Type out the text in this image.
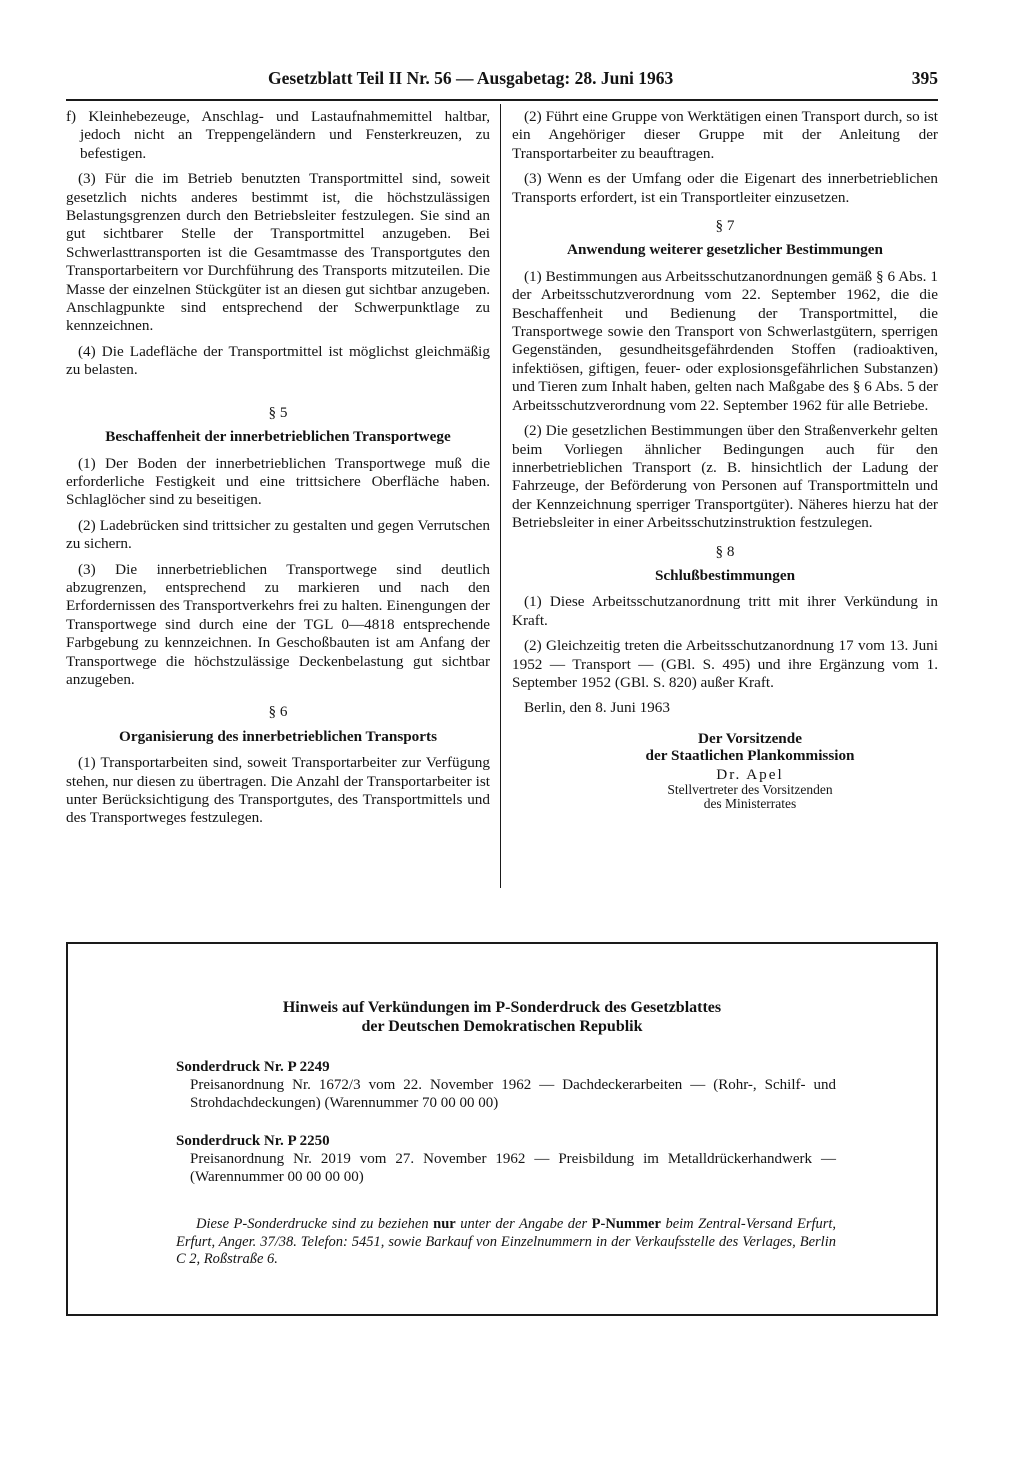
Gesetzblatt Teil II Nr. 56 — Ausgabetag: 28. Juni 1963	395

f) Kleinhebezeuge, Anschlag- und Lastaufnahmemittel haltbar, jedoch nicht an Treppengeländern und Fensterkreuzen, zu befestigen.

(3) Für die im Betrieb benutzten Transportmittel sind, soweit gesetzlich nichts anderes bestimmt ist, die höchstzulässigen Belastungsgrenzen durch den Betriebsleiter festzulegen. Sie sind an gut sichtbarer Stelle der Transportmittel anzugeben. Bei Schwerlasttransporten ist die Gesamtmasse des Transportgutes den Transportarbeitern vor Durchführung des Transports mitzuteilen. Die Masse der einzelnen Stückgüter ist an diesen gut sichtbar anzugeben. Anschlagpunkte sind entsprechend der Schwerpunktlage zu kennzeichnen.

(4) Die Ladefläche der Transportmittel ist möglichst gleichmäßig zu belasten.

§ 5

Beschaffenheit der innerbetrieblichen Transportwege

(1) Der Boden der innerbetrieblichen Transportwege muß die erforderliche Festigkeit und eine trittsichere Oberfläche haben. Schlaglöcher sind zu beseitigen.

(2) Ladebrücken sind trittsicher zu gestalten und gegen Verrutschen zu sichern.

(3) Die innerbetrieblichen Transportwege sind deutlich abzugrenzen, entsprechend zu markieren und nach den Erfordernissen des Transportverkehrs frei zu halten. Einengungen der Transportwege sind durch eine der TGL 0—4818 entsprechende Farbgebung zu kennzeichnen. In Geschoßbauten ist am Anfang der Transportwege die höchstzulässige Deckenbelastung gut sichtbar anzugeben.

§ 6

Organisierung des innerbetrieblichen Transports

(1) Transportarbeiten sind, soweit Transportarbeiter zur Verfügung stehen, nur diesen zu übertragen. Die Anzahl der Transportarbeiter ist unter Berücksichtigung des Transportgutes, des Transportmittels und des Transportweges festzulegen.

(2) Führt eine Gruppe von Werktätigen einen Transport durch, so ist ein Angehöriger dieser Gruppe mit der Anleitung der Transportarbeiter zu beauftragen.

(3) Wenn es der Umfang oder die Eigenart des innerbetrieblichen Transports erfordert, ist ein Transportleiter einzusetzen.

§ 7

Anwendung weiterer gesetzlicher Bestimmungen

(1) Bestimmungen aus Arbeitsschutzanordnungen gemäß § 6 Abs. 1 der Arbeitsschutzverordnung vom 22. September 1962, die die Beschaffenheit und Bedienung der Transportmittel, die Transportwege sowie den Transport von Schwerlastgütern, sperrigen Gegenständen, gesundheitsgefährdenden Stoffen (radioaktiven, infektiösen, giftigen, feuer- oder explosionsgefährlichen Substanzen) und Tieren zum Inhalt haben, gelten nach Maßgabe des § 6 Abs. 5 der Arbeitsschutzverordnung vom 22. September 1962 für alle Betriebe.

(2) Die gesetzlichen Bestimmungen über den Straßenverkehr gelten beim Vorliegen ähnlicher Bedingungen auch für den innerbetrieblichen Transport (z. B. hinsichtlich der Ladung der Fahrzeuge, der Beförderung von Personen auf Transportmitteln und der Kennzeichnung sperriger Transportgüter). Näheres hierzu hat der Betriebsleiter in einer Arbeitsschutzinstruktion festzulegen.

§ 8

Schlußbestimmungen

(1) Diese Arbeitsschutzanordnung tritt mit ihrer Verkündung in Kraft.

(2) Gleichzeitig treten die Arbeitsschutzanordnung 17 vom 13. Juni 1952 — Transport — (GBl. S. 495) und ihre Ergänzung vom 1. September 1952 (GBl. S. 820) außer Kraft.

Berlin, den 8. Juni 1963

Der Vorsitzende
der Staatlichen Plankommission
Dr. Apel
Stellvertreter des Vorsitzenden
des Ministerrates
Hinweis auf Verkündungen im P-Sonderdruck des Gesetzblattes
der Deutschen Demokratischen Republik
Sonderdruck Nr. P 2249
Preisanordnung Nr. 1672/3 vom 22. November 1962 — Dachdeckerarbeiten — (Rohr-, Schilf- und Strohdachdeckungen) (Warennummer 70 00 00 00)
Sonderdruck Nr. P 2250
Preisanordnung Nr. 2019 vom 27. November 1962 — Preisbildung im Metalldrückerhandwerk — (Warennummer 00 00 00 00)
Diese P-Sonderdrucke sind zu beziehen nur unter der Angabe der P-Nummer beim Zentral-Versand Erfurt, Erfurt, Anger. 37/38. Telefon: 5451, sowie Barkauf von Einzelnummern in der Verkaufsstelle des Verlages, Berlin C 2, Roßstraße 6.
